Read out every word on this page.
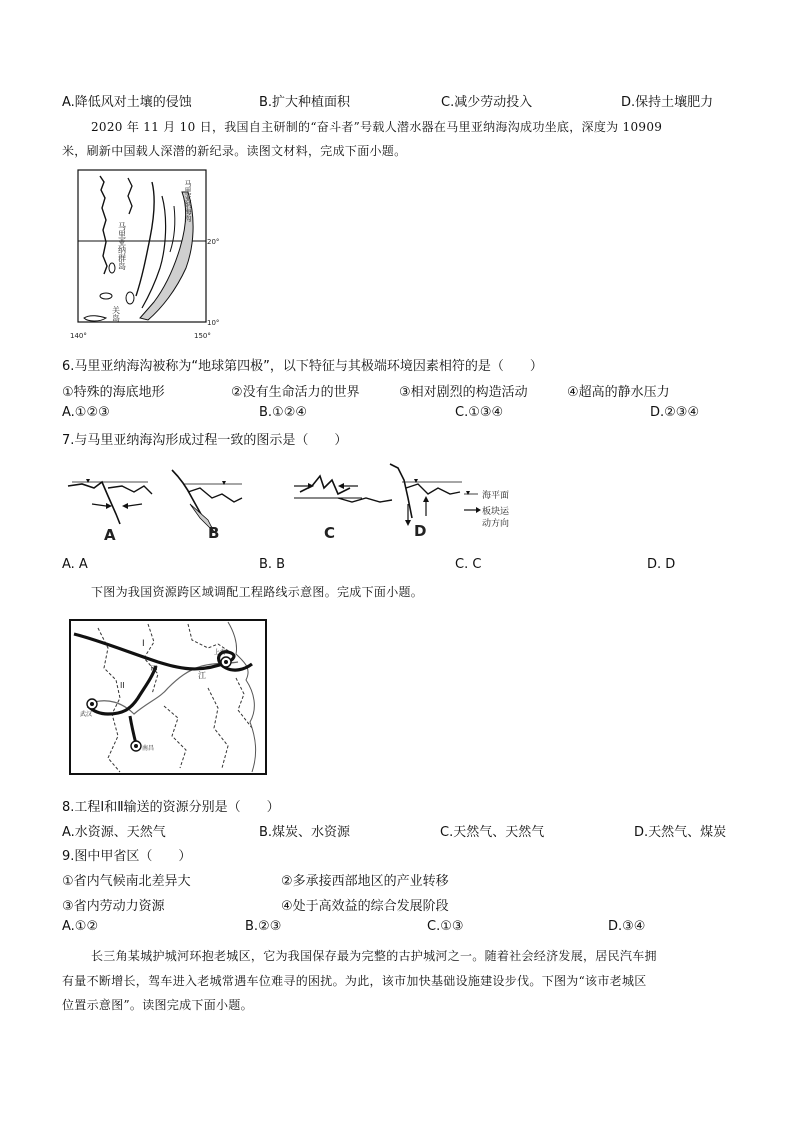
A.降低风对土壤的侵蚀	B.扩大种植面积	C.减少劳动投入	D.保持土壤肥力
2020 年 11 月 10 日，我国自主研制的“奋斗者”号载人潜水器在马里亚纳海沟成功坐底，深度为 10909
米，刷新中国载人深潜的新纪录。读图文材料，完成下面小题。
马里亚纳海沟
马里亚纳群岛
关岛
20°
10°
140°	150°
6.马里亚纳海沟被称为“地球第四极”，以下特征与其极端环境因素相符的是（　　）
①特殊的海底地形	②没有生命活力的世界	③相对剧烈的构造活动	④超高的静水压力
A.①②③	B.①②④	C.①③④	D.②③④
7.与马里亚纳海沟形成过程一致的图示是（　　）
A	B	C	D
海平面
板块运
动方向
A. A	B. B	C. C	D. D
下图为我国资源跨区域调配工程路线示意图。完成下面小题。
I
II
甲
江
上海
武汉
南昌
8.工程Ⅰ和Ⅱ输送的资源分别是（　　）
A.水资源、天然气	B.煤炭、水资源	C.天然气、天然气	D.天然气、煤炭
9.图中甲省区（　　）
①省内气候南北差异大	②多承接西部地区的产业转移
③省内劳动力资源	④处于高效益的综合发展阶段
A.①②	B.②③	C.①③	D.③④
长三角某城护城河环抱老城区，它为我国保存最为完整的古护城河之一。随着社会经济发展，居民汽车拥
有量不断增长，驾车进入老城常遇车位难寻的困扰。为此，该市加快基础设施建设步伐。下图为“该市老城区
位置示意图”。读图完成下面小题。
